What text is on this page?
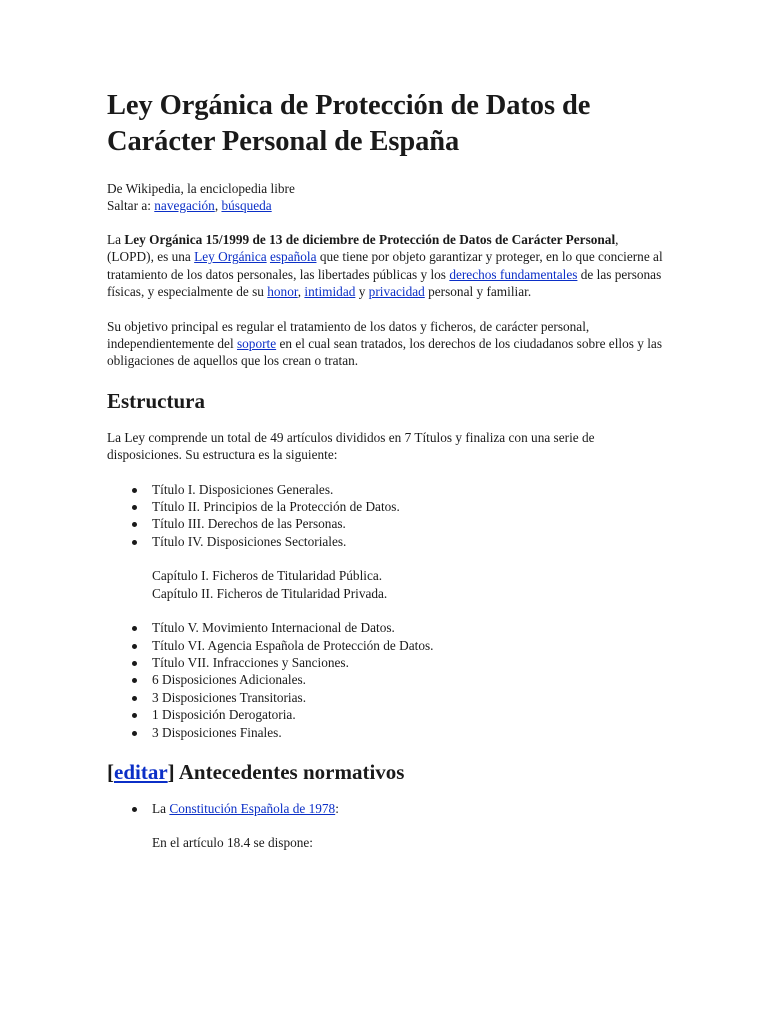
Ley Orgánica de Protección de Datos de Carácter Personal de España
De Wikipedia, la enciclopedia libre
Saltar a: navegación, búsqueda

La Ley Orgánica 15/1999 de 13 de diciembre de Protección de Datos de Carácter Personal, (LOPD), es una Ley Orgánica española que tiene por objeto garantizar y proteger, en lo que concierne al tratamiento de los datos personales, las libertades públicas y los derechos fundamentales de las personas físicas, y especialmente de su honor, intimidad y privacidad personal y familiar.

Su objetivo principal es regular el tratamiento de los datos y ficheros, de carácter personal, independientemente del soporte en el cual sean tratados, los derechos de los ciudadanos sobre ellos y las obligaciones de aquellos que los crean o tratan.

Estructura

La Ley comprende un total de 49 artículos divididos en 7 Títulos y finaliza con una serie de disposiciones. Su estructura es la siguiente:

Título I. Disposiciones Generales.
Título II. Principios de la Protección de Datos.
Título III. Derechos de las Personas.
Título IV. Disposiciones Sectoriales.
Capítulo I. Ficheros de Titularidad Pública.
Capítulo II. Ficheros de Titularidad Privada.
Título V. Movimiento Internacional de Datos.
Título VI. Agencia Española de Protección de Datos.
Título VII. Infracciones y Sanciones.
6 Disposiciones Adicionales.
3 Disposiciones Transitorias.
1 Disposición Derogatoria.
3 Disposiciones Finales.
[editar] Antecedentes normativos
La Constitución Española de 1978:
En el artículo 18.4 se dispone:
